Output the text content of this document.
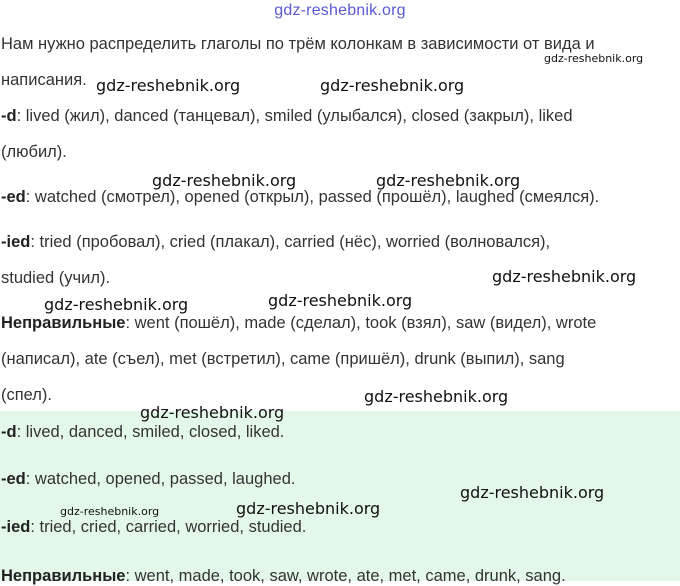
gdz-reshebnik.org
Нам нужно распределить глаголы по трём колонкам в зависимости от вида и
написания.
-d: lived (жил), danced (танцевал), smiled (улыбался), closed (закрыл), liked
(любил).
-ed: watched (смотрел), opened (открыл), passed (прошёл), laughed (смеялся).
-ied: tried (пробовал), cried (плакал), carried (нёс), worried (волновался),
studied (учил).
Неправильные: went (пошёл), made (сделал), took (взял), saw (видел), wrote
(написал), ate (съел), met (встретил), came (пришёл), drunk (выпил), sang
(спел).
-d: lived, danced, smiled, closed, liked.
-ed: watched, opened, passed, laughed.
-ied: tried, cried, carried, worried, studied.
Неправильные: went, made, took, saw, wrote, ate, met, came, drunk, sang.
gdz-reshebnik.org
gdz-reshebnik.org	gdz-reshebnik.org
gdz-reshebnik.org	gdz-reshebnik.org
gdz-reshebnik.org
gdz-reshebnik.org	gdz-reshebnik.org
gdz-reshebnik.org
gdz-reshebnik.org
gdz-reshebnik.org
gdz-reshebnik.org	gdz-reshebnik.org
